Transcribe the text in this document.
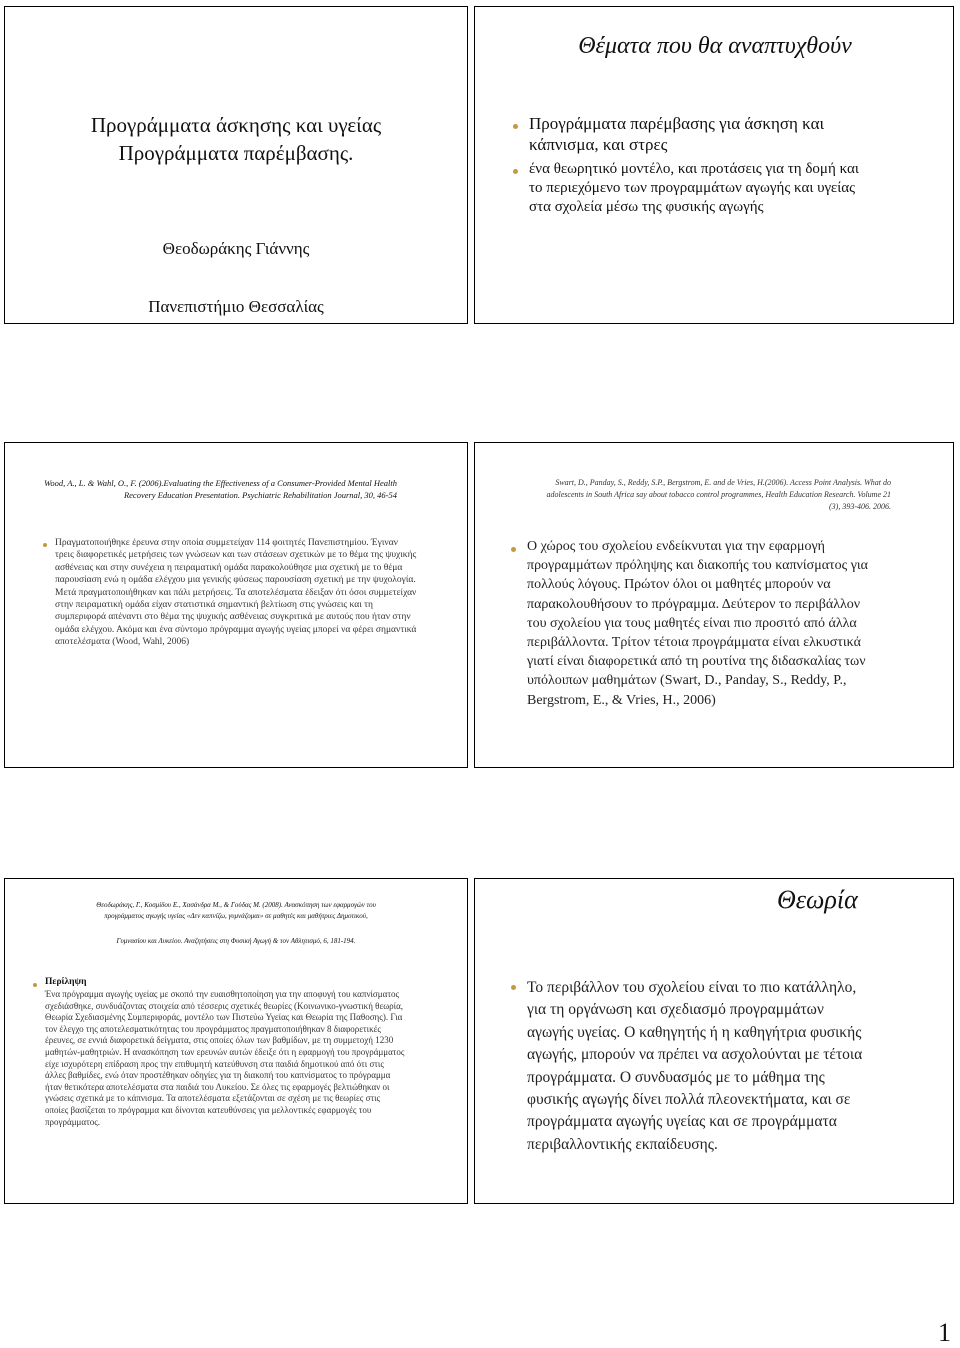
Προγράμματα άσκησης και υγείας
Προγράμματα παρέμβασης.
Θεοδωράκης Γιάννης
Πανεπιστήμιο Θεσσαλίας
Θέματα που θα αναπτυχθούν
Προγράμματα παρέμβασης για άσκηση και κάπνισμα, και στρες
ένα θεωρητικό μοντέλο, και προτάσεις για τη δομή και το περιεχόμενο των προγραμμάτων αγωγής και υγείας στα σχολεία μέσω της φυσικής αγωγής
Wood, A., L. & Wahl, O., F. (2006).Evaluating the Effectiveness of a Consumer-Provided Mental Health Recovery Education Presentation. Psychiatric Rehabilitation Journal, 30, 46-54
Πραγματοποιήθηκε έρευνα στην οποία συμμετείχαν 114 φοιτητές Πανεπιστημίου. Έγιναν τρεις διαφορετικές μετρήσεις των γνώσεων και των στάσεων σχετικών με το θέμα της ψυχικής ασθένειας και στην συνέχεια η πειραματική ομάδα παρακολούθησε μια σχετική με το θέμα παρουσίαση ενώ η ομάδα ελέγχου μια γενικής φύσεως παρουσίαση σχετική με την ψυχολογία. Μετά πραγματοποιήθηκαν και πάλι μετρήσεις. Τα αποτελέσματα έδειξαν ότι όσοι συμμετείχαν στην πειραματική ομάδα είχαν στατιστικά σημαντική βελτίωση στις γνώσεις και τη συμπεριφορά απέναντι στο θέμα της ψυχικής ασθένειας συγκριτικά με αυτούς που ήταν στην ομάδα ελέγχου. Ακόμα και ένα σύντομο πρόγραμμα αγωγής υγείας μπορεί να φέρει σημαντικά αποτελέσματα (Wood, Wahl, 2006)
Swart, D., Panday, S., Reddy, S.P., Bergstrom, E. and de Vries, H.(2006). Access Point Analysis. What do adolescents in South Africa say about tobacco control programmes, Health Education Research. Volume 21 (3), 393-406. 2006.
Ο χώρος του σχολείου ενδείκνυται για την εφαρμογή προγραμμάτων πρόληψης και διακοπής του καπνίσματος για πολλούς λόγους. Πρώτον όλοι οι μαθητές μπορούν να παρακολουθήσουν το πρόγραμμα. Δεύτερον το περιβάλλον του σχολείου για τους μαθητές είναι πιο προσιτό από άλλα περιβάλλοντα. Τρίτον τέτοια προγράμματα είναι ελκυστικά γιατί είναι διαφορετικά από τη ρουτίνα της διδασκαλίας των υπόλοιπων μαθημάτων (Swart, D., Panday, S., Reddy, P., Bergstrom, E., & Vries, H., 2006)
Θεοδωράκης, Γ., Κοσμίδου Ε., Χασάνδρα Μ., & Γούδας Μ. (2008). Ανασκόπηση των εφαρμογών του
προγράμματος αγωγής υγείας «Δεν καπνίζω, γυμνάζομαι» σε μαθητές και μαθήτριες Δημοτικού,
Γυμνασίου και Λυκείου. Αναζητήσεις στη Φυσική Αγωγή & τον Αθλητισμό, 6, 181-194.
Περίληψη
Ένα πρόγραμμα αγωγής υγείας με σκοπό την ευαισθητοποίηση για την αποφυγή του καπνίσματος σχεδιάσθηκε, συνδυάζοντας στοιχεία από τέσσερις σχετικές θεωρίες (Κοινωνικο-γνωστική θεωρία, Θεωρία Σχεδιασμένης Συμπεριφοράς, μοντέλο των Πιστεύω Υγείας και Θεωρία της Παθοσης). Για τον έλεγχο της αποτελεσματικότητας του προγράμματος πραγματοποιήθηκαν 8 διαφορετικές έρευνες, σε εννιά διαφορετικά δείγματα, στις οποίες όλων των βαθμίδων, με τη συμμετοχή 1230 μαθητών-μαθητριών. Η ανασκόπηση των ερευνών αυτών έδειξε ότι η εφαρμογή του προγράμματος είχε ισχυρότερη επίδραση προς την επιθυμητή κατεύθυνση στα παιδιά δημοτικού από ότι στις άλλες βαθμίδες, ενώ όταν προστέθηκαν οδηγίες για τη διακοπή του καπνίσματος το πρόγραμμα ήταν θετικότερα αποτελέσματα στα παιδιά του Λυκείου. Σε όλες τις εφαρμογές βελτιώθηκαν οι γνώσεις σχετικά με το κάπνισμα. Τα αποτελέσματα εξετάζονται σε σχέση με τις θεωρίες στις οποίες βασίζεται το πρόγραμμα και δίνονται κατευθύνσεις για μελλοντικές εφαρμογές του προγράμματος.
Θεωρία
Το περιβάλλον του σχολείου είναι το πιο κατάλληλο, για τη οργάνωση και σχεδιασμό προγραμμάτων αγωγής υγείας. Ο καθηγητής ή η καθηγήτρια φυσικής αγωγής, μπορούν να πρέπει να ασχολούνται με τέτοια προγράμματα. Ο συνδυασμός με το μάθημα της φυσικής αγωγής δίνει πολλά πλεονεκτήματα, και σε προγράμματα αγωγής υγείας και σε προγράμματα περιβαλλοντικής εκπαίδευσης.
1
